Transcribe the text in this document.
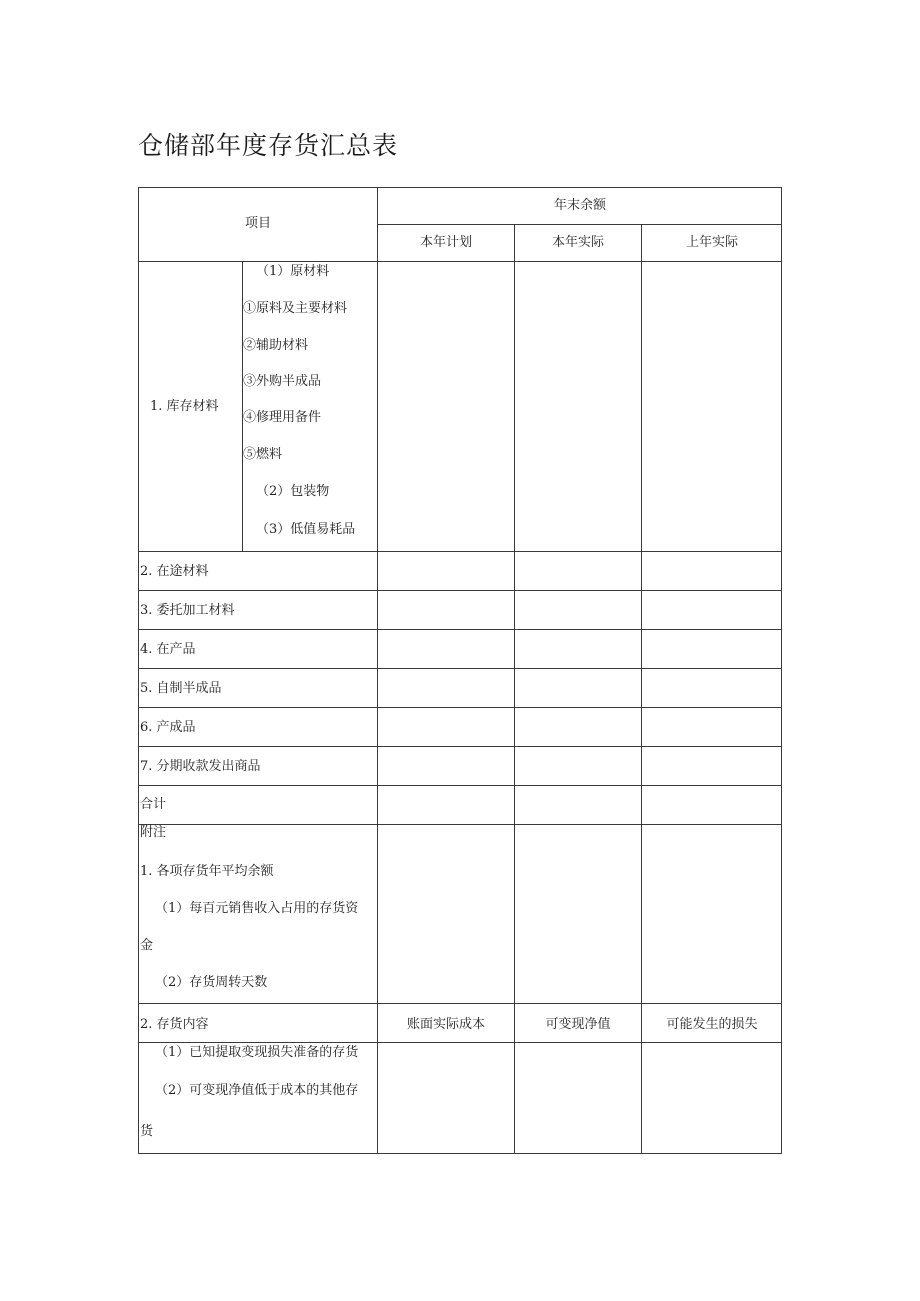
仓储部年度存货汇总表
项目
年末余额
本年计划	本年实际	上年实际
1. 库存材料
（1）原材料
①原料及主要材料
②辅助材料
③外购半成品
④修理用备件
⑤燃料
（2）包装物
（3）低值易耗品
2. 在途材料
3. 委托加工材料
4. 在产品
5. 自制半成品
6. 产成品
7. 分期收款发出商品
合计
附注
1. 各项存货年平均余额
（1）每百元销售收入占用的存货资
金
（2）存货周转天数
2. 存货内容	账面实际成本	可变现净值	可能发生的损失
（1）已知提取变现损失准备的存货
（2）可变现净值低于成本的其他存
货
